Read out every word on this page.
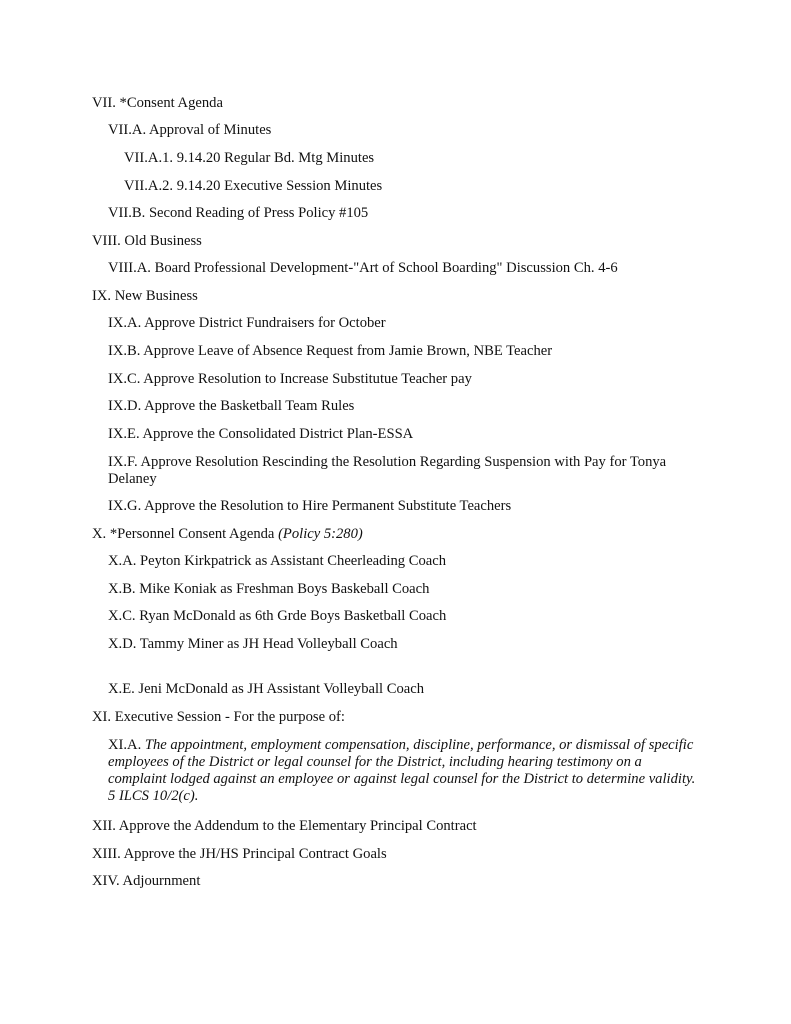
VII. *Consent Agenda
VII.A. Approval of Minutes
VII.A.1. 9.14.20 Regular Bd. Mtg Minutes
VII.A.2. 9.14.20 Executive Session Minutes
VII.B. Second Reading of Press Policy #105
VIII. Old Business
VIII.A. Board Professional Development-"Art of School Boarding" Discussion Ch. 4-6
IX. New Business
IX.A. Approve District Fundraisers for October
IX.B. Approve Leave of Absence Request from Jamie Brown, NBE Teacher
IX.C. Approve Resolution to Increase Substitutue Teacher pay
IX.D. Approve the Basketball Team Rules
IX.E. Approve the Consolidated District Plan-ESSA
IX.F. Approve Resolution Rescinding the Resolution Regarding Suspension with Pay for Tonya Delaney
IX.G. Approve the Resolution to Hire Permanent Substitute Teachers
X. *Personnel Consent Agenda (Policy 5:280)
X.A. Peyton Kirkpatrick as Assistant Cheerleading Coach
X.B. Mike Koniak as Freshman Boys Baskeball Coach
X.C. Ryan McDonald as 6th Grde Boys Basketball Coach
X.D. Tammy Miner as JH Head Volleyball Coach
X.E. Jeni McDonald as JH Assistant Volleyball Coach
XI. Executive Session - For the purpose of:
XI.A. The appointment, employment compensation, discipline, performance, or dismissal of specific employees of the District or legal counsel for the District, including hearing testimony on a complaint lodged against an employee or against legal counsel for the District to determine validity. 5 ILCS 10/2(c).
XII. Approve the Addendum to the Elementary Principal Contract
XIII. Approve the JH/HS Principal Contract Goals
XIV. Adjournment
